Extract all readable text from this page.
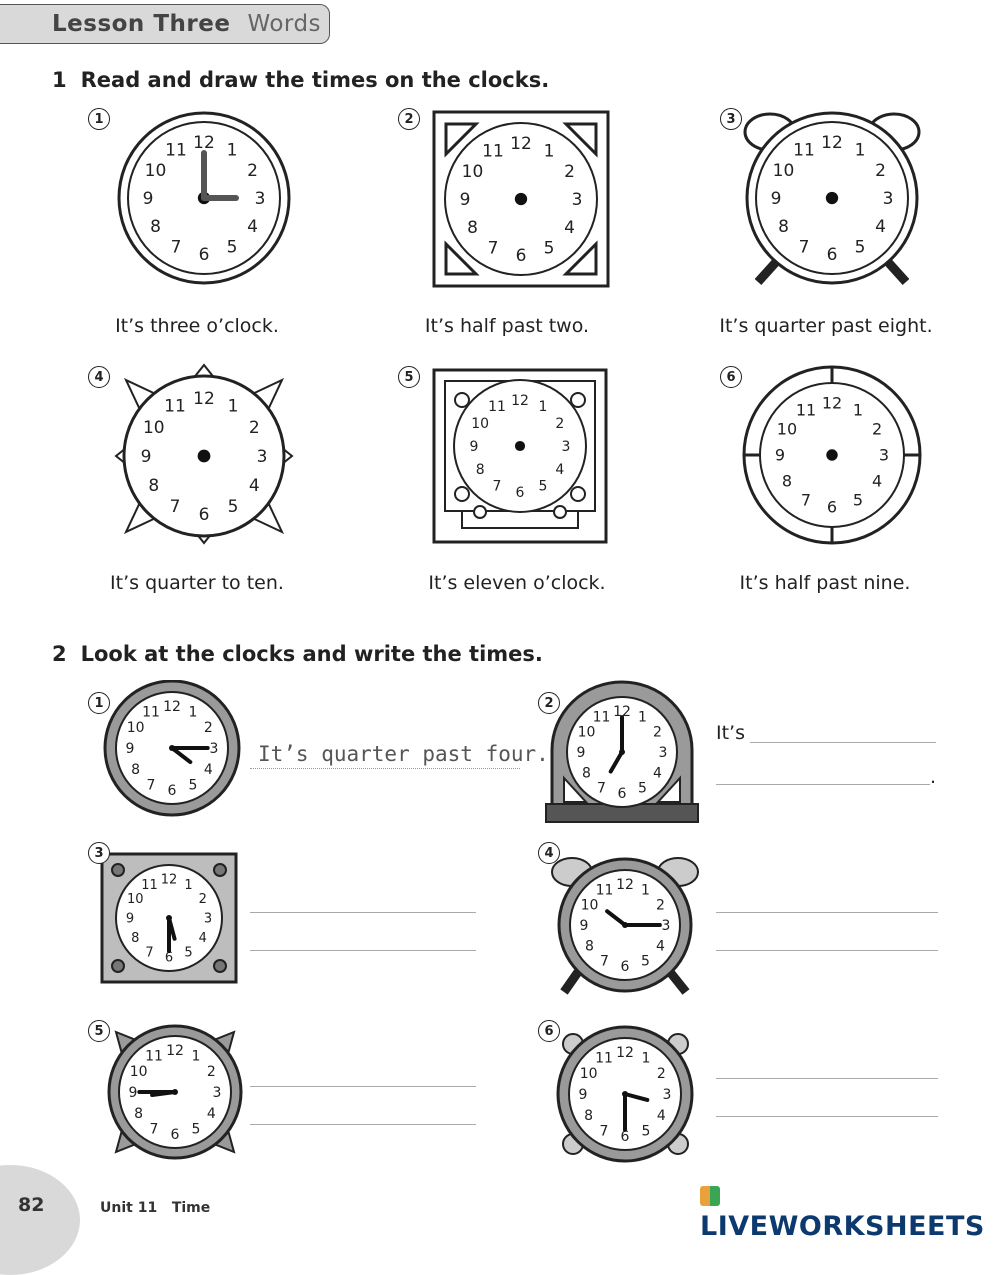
Lesson Three Words
1 Read and draw the times on the clocks.
12 1
2
3
4
5
6
7
8
9
10
11	12 1
2
3
4
5
6
7
8
9
10
11	12 1
2
3
4
5
6
7
8
9
10
11
12 1
2
3
4
5
6
7
8
9
10
11	12 1
2
3
4
5
6
7
8
9
10
11	12 1
2
3
4
5
6
7
8
9
10
11
1	2	3
4	5	6
It’s three o’clock.	It’s half past two.	It’s quarter past eight.
It’s quarter to ten.	It’s eleven o’clock.	It’s half past nine.
2 Look at the clocks and write the times.
12 1
2
3
4
5
6
7
8
9
10
11	12 1
2
3
4
5
6
7
8
9
10
11
12 1
2
3
4
5
6
7
8
9
10
11	12 1
2
3
4
5
6
7
8
9
10
11
12 1
2
3
4
5
6
7
8
9
10
11	12 1
2
3
4
5
6
7
8
9
10
11
1	2
3	4
5	6
It’s quarter past four.
It’s
.
82	Unit 11 Time
LIVEWORKSHEETS
